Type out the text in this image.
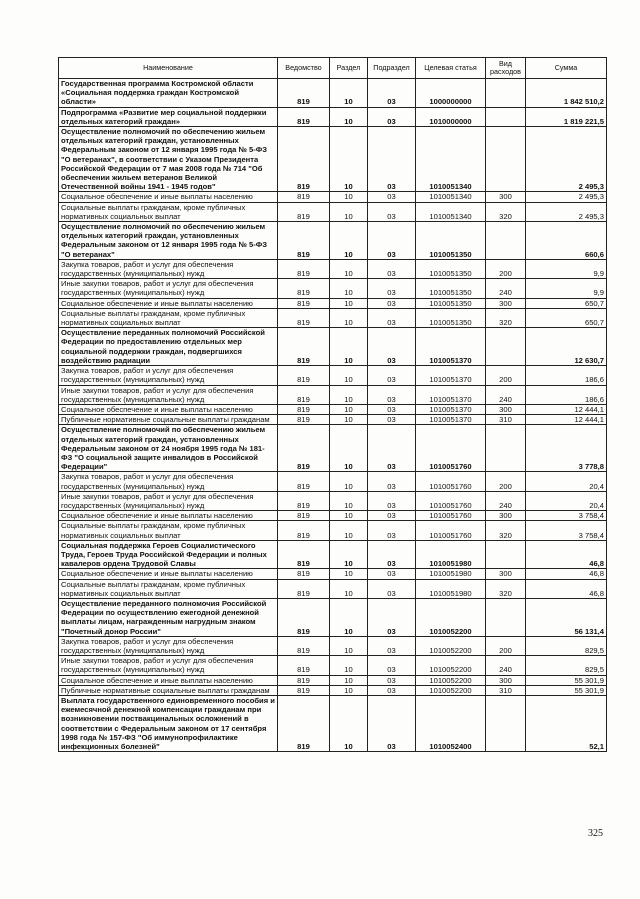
Наименование	Ведомство	Раздел	Подраздел	Целевая статья	Вид расходов	Сумма
Государственная программа Костромской области «Социальная поддержка граждан Костромской области»	819	10	03	1000000000		1 842 510,2
Подпрограмма «Развитие мер социальной поддержки отдельных категорий граждан»	819	10	03	1010000000		1 819 221,5
Осуществление полномочий по обеспечению жильем отдельных категорий граждан, установленных Федеральным законом от 12 января 1995 года № 5-ФЗ "О ветеранах", в соответствии с Указом Президента Российской Федерации от 7 мая 2008 года № 714 "Об обеспечении жильем ветеранов Великой Отечественной войны 1941 - 1945 годов"	819	10	03	1010051340		2 495,3
Социальное обеспечение и иные выплаты населению	819	10	03	1010051340	300	2 495,3
Социальные выплаты гражданам, кроме публичных нормативных социальных выплат	819	10	03	1010051340	320	2 495,3
Осуществление полномочий по обеспечению жильем отдельных категорий граждан, установленных Федеральным законом от 12 января 1995 года № 5-ФЗ "О ветеранах"	819	10	03	1010051350		660,6
Закупка товаров, работ и услуг для обеспечения государственных (муниципальных) нужд	819	10	03	1010051350	200	9,9
Иные закупки товаров, работ и услуг для обеспечения государственных (муниципальных) нужд	819	10	03	1010051350	240	9,9
Социальное обеспечение и иные выплаты населению	819	10	03	1010051350	300	650,7
Социальные выплаты гражданам, кроме публичных нормативных социальных выплат	819	10	03	1010051350	320	650,7
Осуществление переданных полномочий Российской Федерации по предоставлению отдельных мер социальной поддержки граждан, подвергшихся воздействию радиации	819	10	03	1010051370		12 630,7
Закупка товаров, работ и услуг для обеспечения государственных (муниципальных) нужд	819	10	03	1010051370	200	186,6
Иные закупки товаров, работ и услуг для обеспечения государственных (муниципальных) нужд	819	10	03	1010051370	240	186,6
Социальное обеспечение и иные выплаты населению	819	10	03	1010051370	300	12 444,1
Публичные нормативные социальные выплаты гражданам	819	10	03	1010051370	310	12 444,1
Осуществление полномочий по обеспечению жильем отдельных категорий граждан, установленных Федеральным законом от 24 ноября 1995 года № 181-ФЗ "О социальной защите инвалидов в Российской Федерации"	819	10	03	1010051760		3 778,8
Закупка товаров, работ и услуг для обеспечения государственных (муниципальных) нужд	819	10	03	1010051760	200	20,4
Иные закупки товаров, работ и услуг для обеспечения государственных (муниципальных) нужд	819	10	03	1010051760	240	20,4
Социальное обеспечение и иные выплаты населению	819	10	03	1010051760	300	3 758,4
Социальные выплаты гражданам, кроме публичных нормативных социальных выплат	819	10	03	1010051760	320	3 758,4
Социальная поддержка Героев Социалистического Труда, Героев Труда Российской Федерации и полных кавалеров ордена Трудовой Славы	819	10	03	1010051980		46,8
Социальное обеспечение и иные выплаты населению	819	10	03	1010051980	300	46,8
Социальные выплаты гражданам, кроме публичных нормативных социальных выплат	819	10	03	1010051980	320	46,8
Осуществление переданного полномочия Российской Федерации по осуществлению ежегодной денежной выплаты лицам, награжденным нагрудным знаком "Почетный донор России"	819	10	03	1010052200		56 131,4
Закупка товаров, работ и услуг для обеспечения государственных (муниципальных) нужд	819	10	03	1010052200	200	829,5
Иные закупки товаров, работ и услуг для обеспечения государственных (муниципальных) нужд	819	10	03	1010052200	240	829,5
Социальное обеспечение и иные выплаты населению	819	10	03	1010052200	300	55 301,9
Публичные нормативные социальные выплаты гражданам	819	10	03	1010052200	310	55 301,9
Выплата государственного единовременного пособия и ежемесячной денежной компенсации гражданам при возникновении поствакцинальных осложнений в соответствии с Федеральным законом от 17 сентября 1998 года № 157-ФЗ "Об иммунопрофилактике инфекционных болезней"	819	10	03	1010052400		52,1
325
